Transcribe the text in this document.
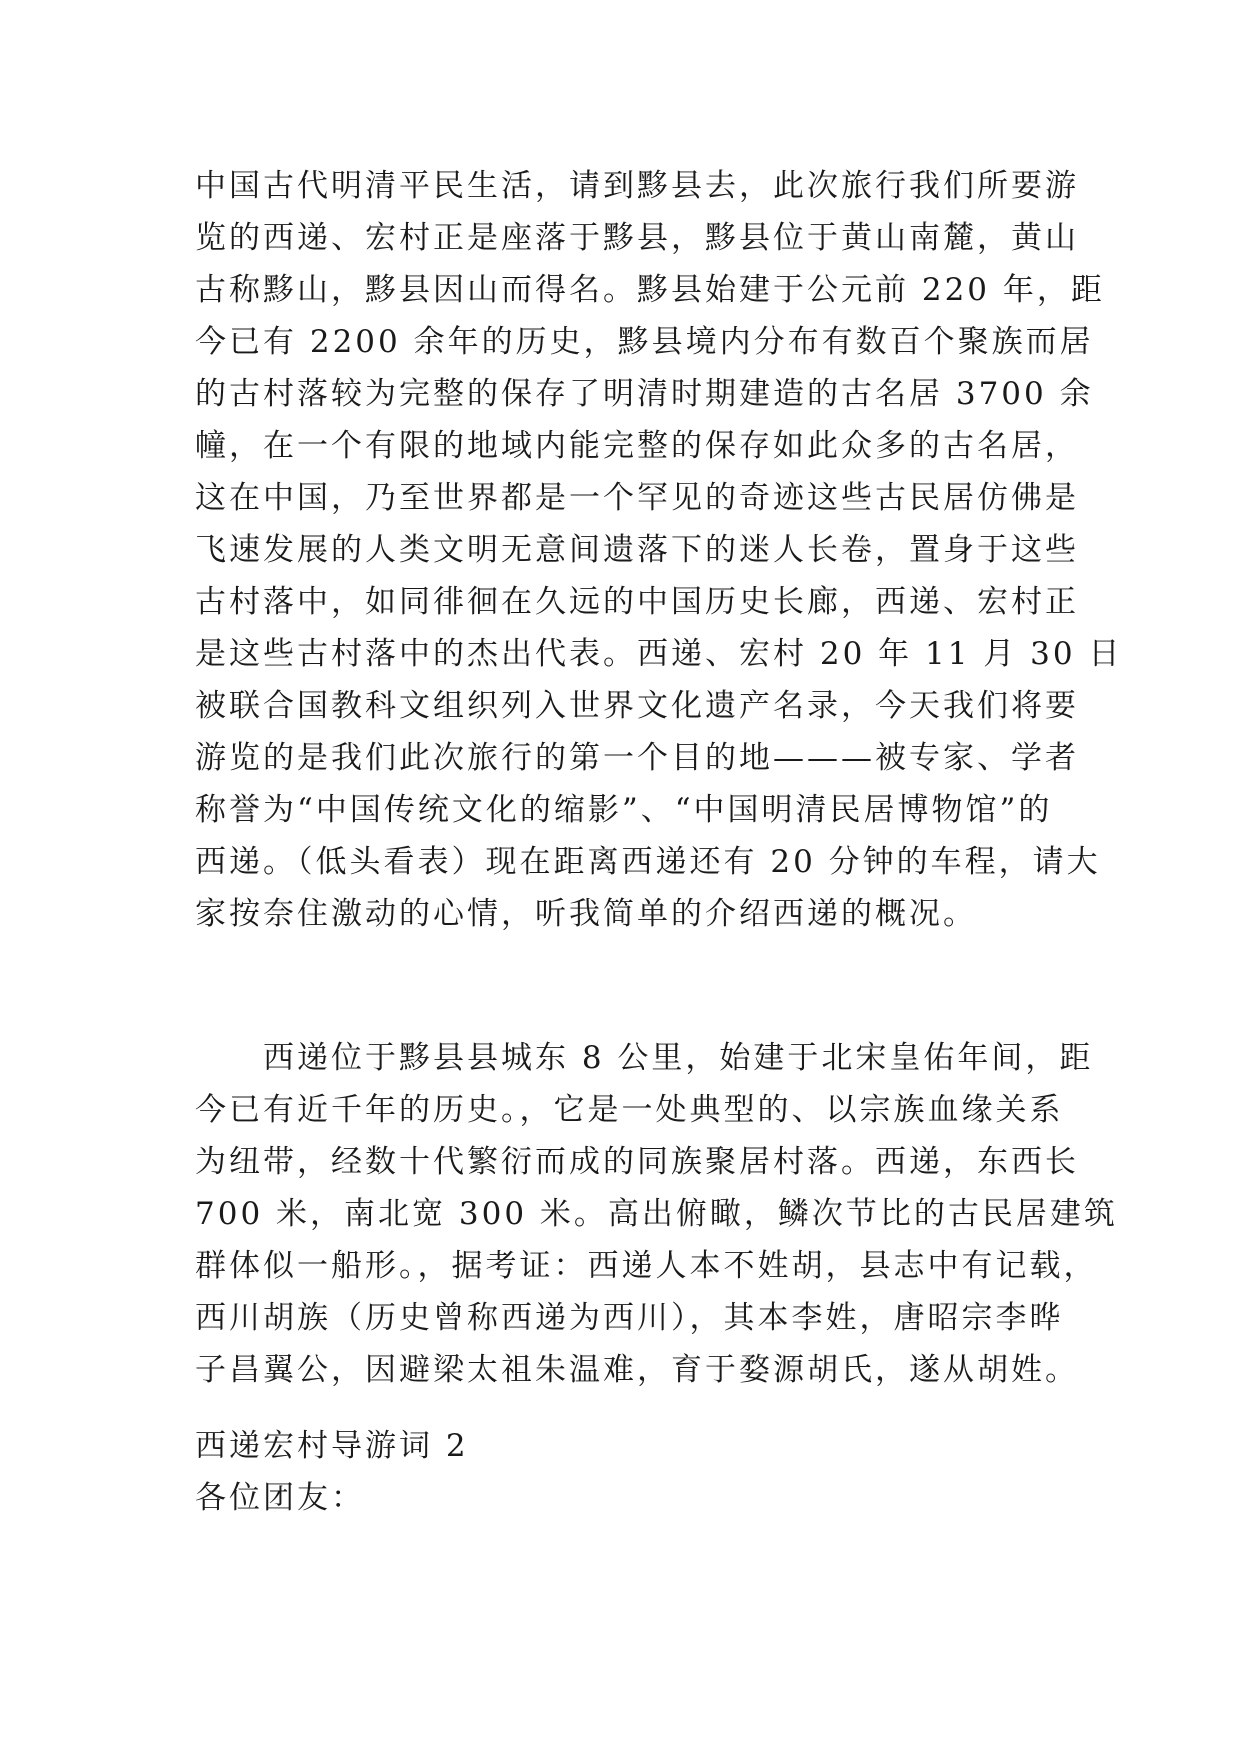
中国古代明清平民生活，请到黟县去，此次旅行我们所要游
览的西递、宏村正是座落于黟县，黟县位于黄山南麓，黄山
古称黟山，黟县因山而得名。黟县始建于公元前 220 年，距
今已有 2200 余年的历史，黟县境内分布有数百个聚族而居
的古村落较为完整的保存了明清时期建造的古名居 3700 余
幢，在一个有限的地域内能完整的保存如此众多的古名居，
这在中国，乃至世界都是一个罕见的奇迹这些古民居仿佛是
飞速发展的人类文明无意间遗落下的迷人长卷，置身于这些
古村落中，如同徘徊在久远的中国历史长廊，西递、宏村正
是这些古村落中的杰出代表。西递、宏村 20 年 11 月 30 日
被联合国教科文组织列入世界文化遗产名录，今天我们将要
游览的是我们此次旅行的第一个目的地———被专家、学者
称誉为“中国传统文化的缩影”、“中国明清民居博物馆”的
西递。（低头看表）现在距离西递还有 20 分钟的车程，请大
家按奈住激动的心情，听我简单的介绍西递的概况。
　　西递位于黟县县城东 8 公里，始建于北宋皇佑年间，距
今已有近千年的历史。，它是一处典型的、以宗族血缘关系
为纽带，经数十代繁衍而成的同族聚居村落。西递，东西长
700 米，南北宽 300 米。高出俯瞰，鳞次节比的古民居建筑
群体似一船形。，据考证：西递人本不姓胡，县志中有记载，
西川胡族（历史曾称西递为西川），其本李姓，唐昭宗李晔
子昌翼公，因避梁太祖朱温难，育于婺源胡氏，遂从胡姓。
西递宏村导游词 2
各位团友：
